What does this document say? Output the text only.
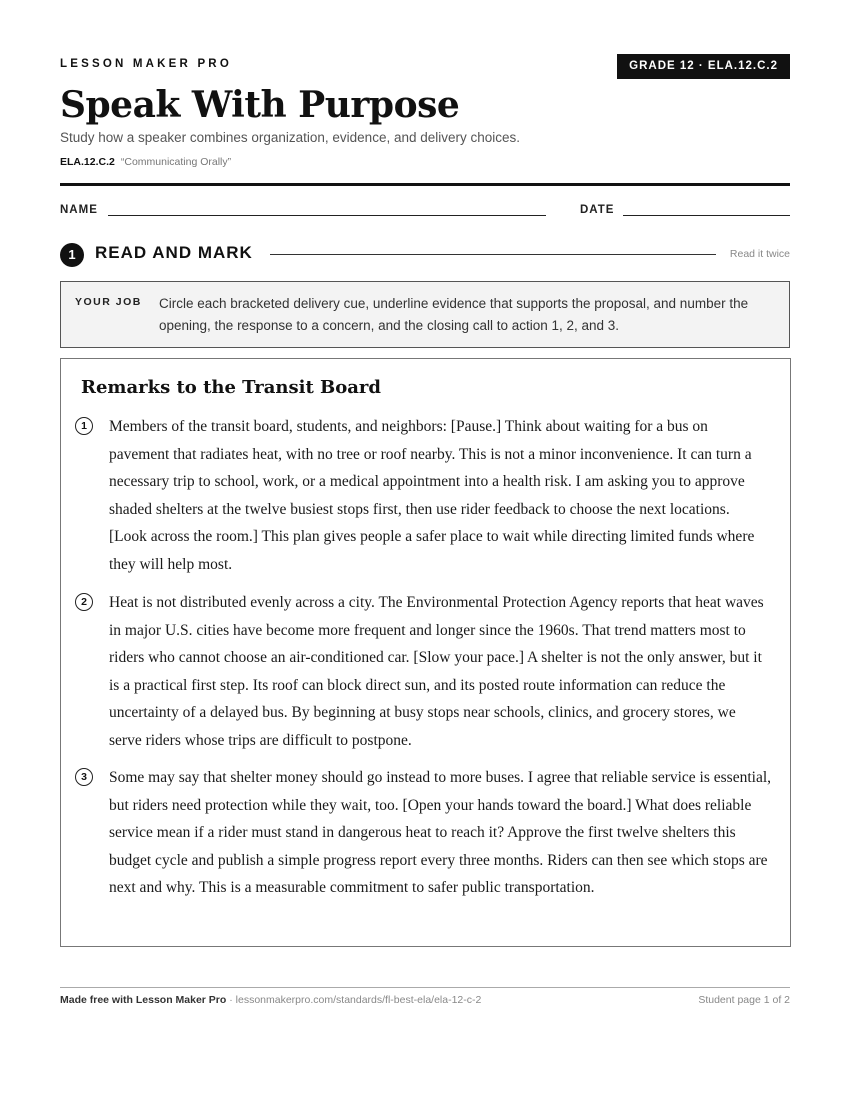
LESSON MAKER PRO	GRADE 12 · ELA.12.C.2
Speak With Purpose
Study how a speaker combines organization, evidence, and delivery choices.
ELA.12.C.2 “Communicating Orally”
NAME	DATE
1	READ AND MARK	Read it twice
YOUR JOB Circle each bracketed delivery cue, underline evidence that supports the proposal, and number the opening, the response to a concern, and the closing call to action 1, 2, and 3.
Remarks to the Transit Board
1	Members of the transit board, students, and neighbors: [Pause.] Think about waiting for a bus on pavement that radiates heat, with no tree or roof nearby. This is not a minor inconvenience. It can turn a necessary trip to school, work, or a medical appointment into a health risk. I am asking you to approve shaded shelters at the twelve busiest stops first, then use rider feedback to choose the next locations. [Look across the room.] This plan gives people a safer place to wait while directing limited funds where they will help most.

2	Heat is not distributed evenly across a city. The Environmental Protection Agency reports that heat waves in major U.S. cities have become more frequent and longer since the 1960s. That trend matters most to riders who cannot choose an air-conditioned car. [Slow your pace.] A shelter is not the only answer, but it is a practical first step. Its roof can block direct sun, and its posted route information can reduce the uncertainty of a delayed bus. By beginning at busy stops near schools, clinics, and grocery stores, we serve riders whose trips are difficult to postpone.

3	Some may say that shelter money should go instead to more buses. I agree that reliable service is essential, but riders need protection while they wait, too. [Open your hands toward the board.] What does reliable service mean if a rider must stand in dangerous heat to reach it? Approve the first twelve shelters this budget cycle and publish a simple progress report every three months. Riders can then see which stops are next and why. This is a measurable commitment to safer public transportation.

Made free with Lesson Maker Pro · lessonmakerpro.com/standards/fl-best-ela/ela-12-c-2	Student page 1 of 2
